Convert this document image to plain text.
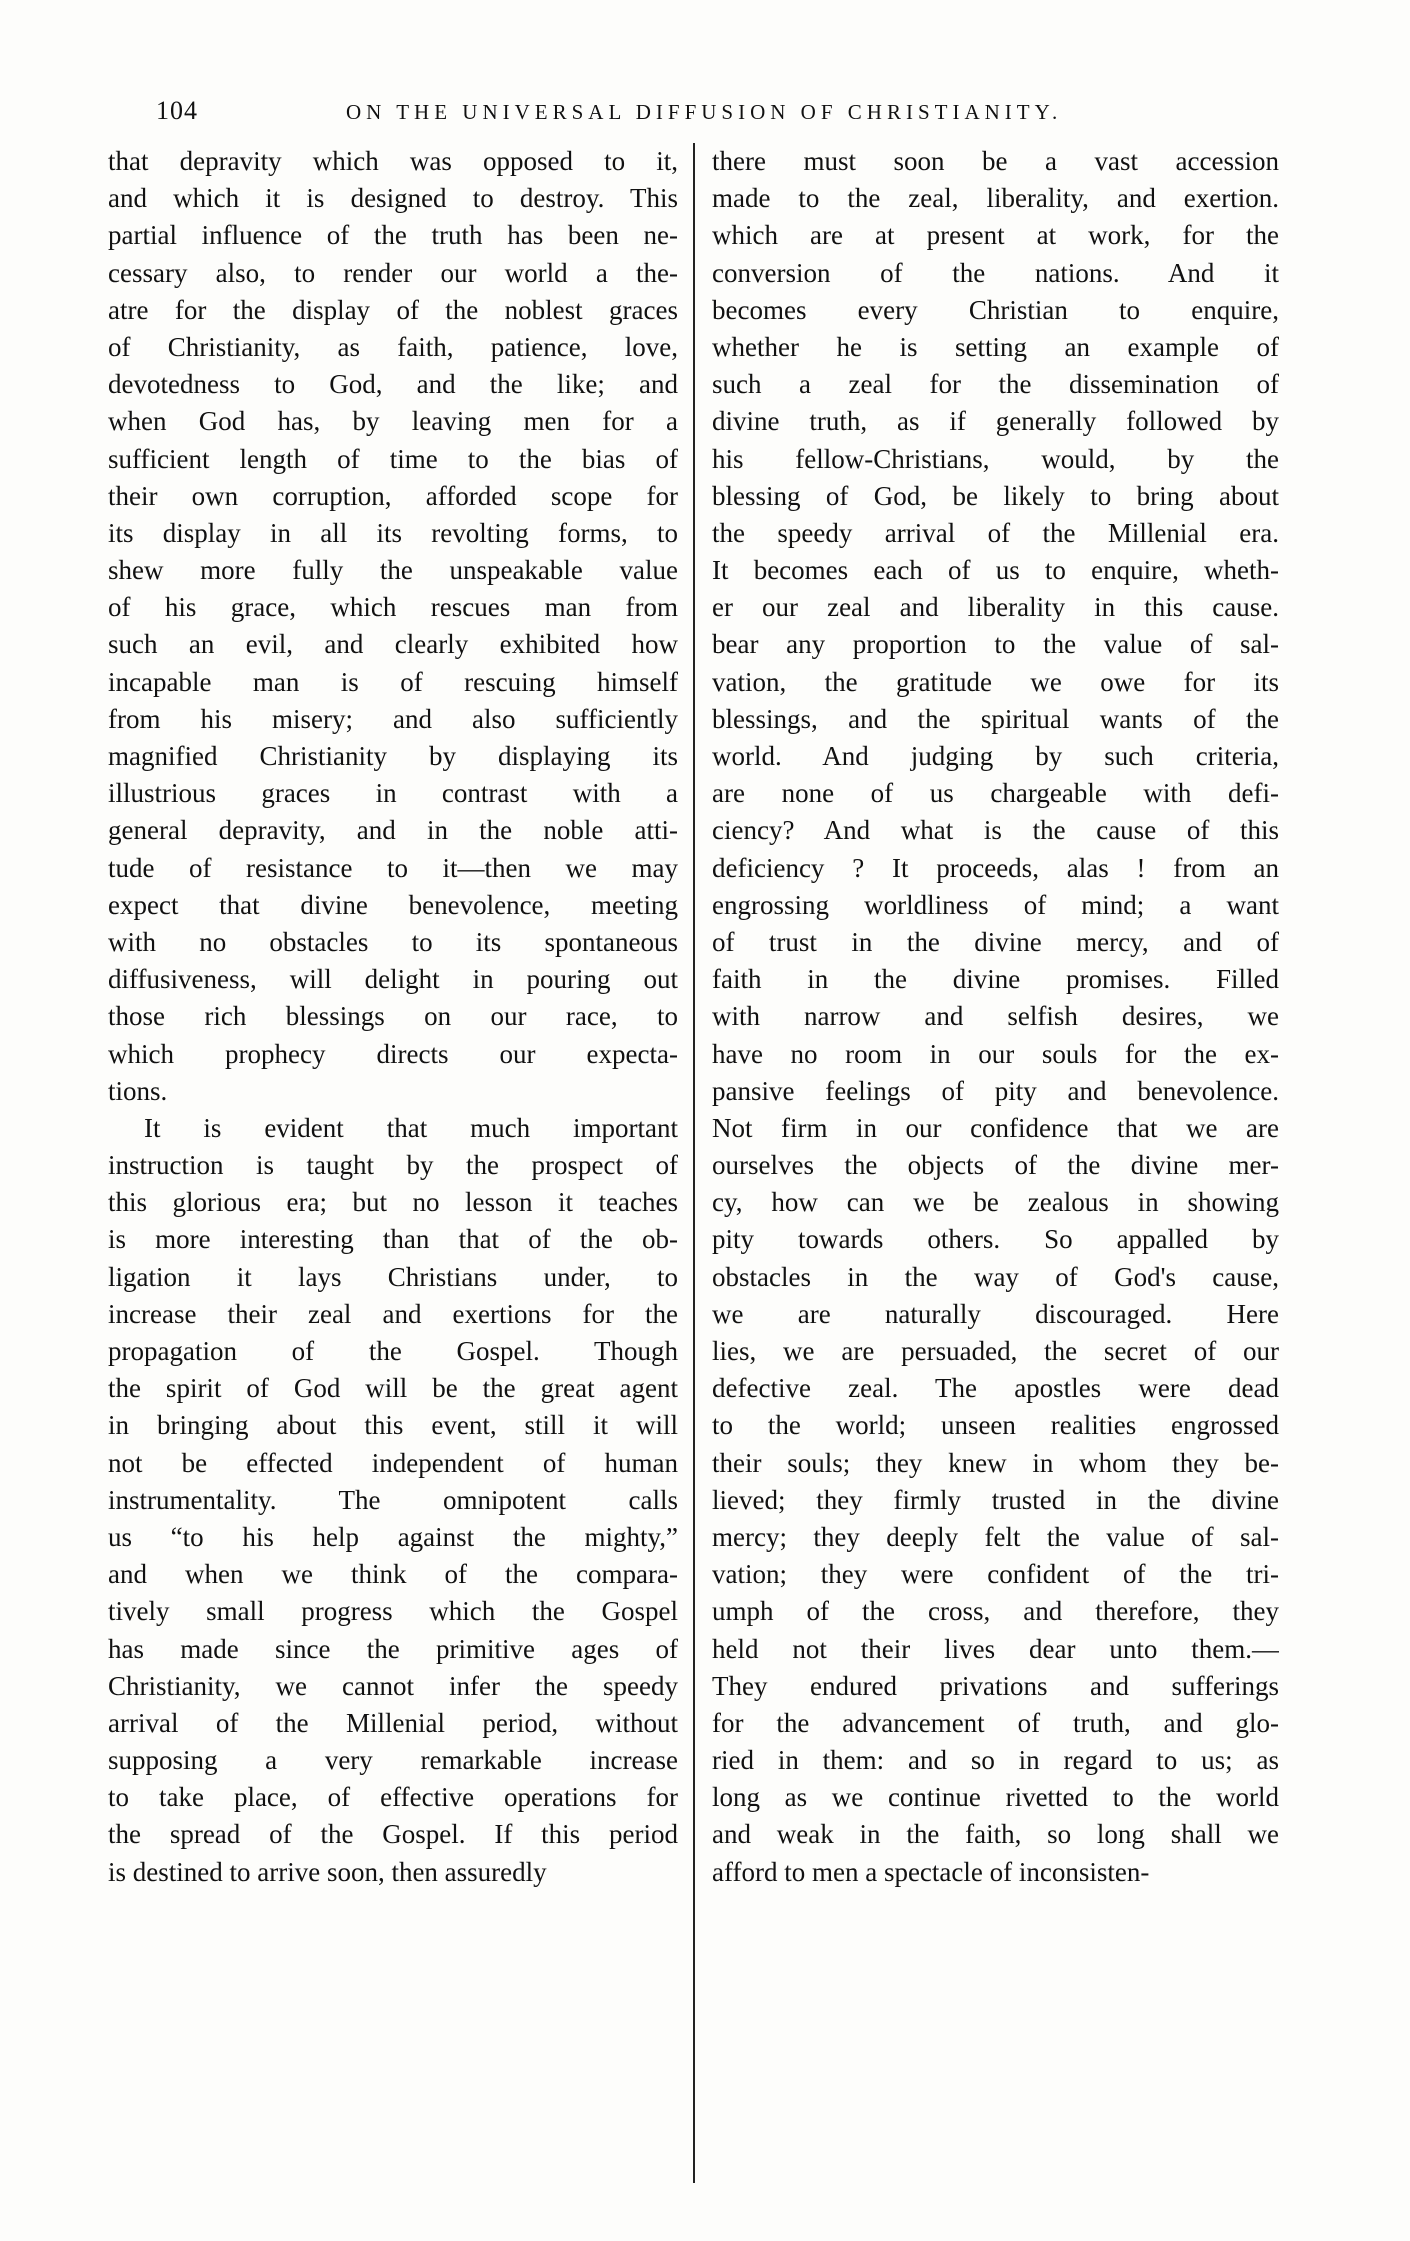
104	ON THE UNIVERSAL DIFFUSION OF CHRISTIANITY.
that depravity which was opposed to it,
and which it is designed to destroy. This
partial influence of the truth has been ne-
cessary also, to render our world a the-
atre for the display of the noblest graces
of Christianity, as faith, patience, love,
devotedness to God, and the like; and
when God has, by leaving men for a
sufficient length of time to the bias of
their own corruption, afforded scope for
its display in all its revolting forms, to
shew more fully the unspeakable value
of his grace, which rescues man from
such an evil, and clearly exhibited how
incapable man is of rescuing himself
from his misery; and also sufficiently
magnified Christianity by displaying its
illustrious graces in contrast with a
general depravity, and in the noble atti-
tude of resistance to it—then we may
expect that divine benevolence, meeting
with no obstacles to its spontaneous
diffusiveness, will delight in pouring out
those rich blessings on our race, to
which prophecy directs our expecta-
tions.
It is evident that much important
instruction is taught by the prospect of
this glorious era; but no lesson it teaches
is more interesting than that of the ob-
ligation it lays Christians under, to
increase their zeal and exertions for the
propagation of the Gospel. Though
the spirit of God will be the great agent
in bringing about this event, still it will
not be effected independent of human
instrumentality. The omnipotent calls
us “to his help against the mighty,”
and when we think of the compara-
tively small progress which the Gospel
has made since the primitive ages of
Christianity, we cannot infer the speedy
arrival of the Millenial period, without
supposing a very remarkable increase
to take place, of effective operations for
the spread of the Gospel. If this period
is destined to arrive soon, then assuredly
there must soon be a vast accession
made to the zeal, liberality, and exertion.
which are at present at work, for the
conversion of the nations. And it
becomes every Christian to enquire,
whether he is setting an example of
such a zeal for the dissemination of
divine truth, as if generally followed by
his fellow-Christians, would, by the
blessing of God, be likely to bring about
the speedy arrival of the Millenial era.
It becomes each of us to enquire, wheth-
er our zeal and liberality in this cause.
bear any proportion to the value of sal-
vation, the gratitude we owe for its
blessings, and the spiritual wants of the
world. And judging by such criteria,
are none of us chargeable with defi-
ciency? And what is the cause of this
deficiency ? It proceeds, alas ! from an
engrossing worldliness of mind; a want
of trust in the divine mercy, and of
faith in the divine promises. Filled
with narrow and selfish desires, we
have no room in our souls for the ex-
pansive feelings of pity and benevolence.
Not firm in our confidence that we are
ourselves the objects of the divine mer-
cy, how can we be zealous in showing
pity towards others. So appalled by
obstacles in the way of God's cause,
we are naturally discouraged. Here
lies, we are persuaded, the secret of our
defective zeal. The apostles were dead
to the world; unseen realities engrossed
their souls; they knew in whom they be-
lieved; they firmly trusted in the divine
mercy; they deeply felt the value of sal-
vation; they were confident of the tri-
umph of the cross, and therefore, they
held not their lives dear unto them.—
They endured privations and sufferings
for the advancement of truth, and glo-
ried in them: and so in regard to us; as
long as we continue rivetted to the world
and weak in the faith, so long shall we
afford to men a spectacle of inconsisten-
